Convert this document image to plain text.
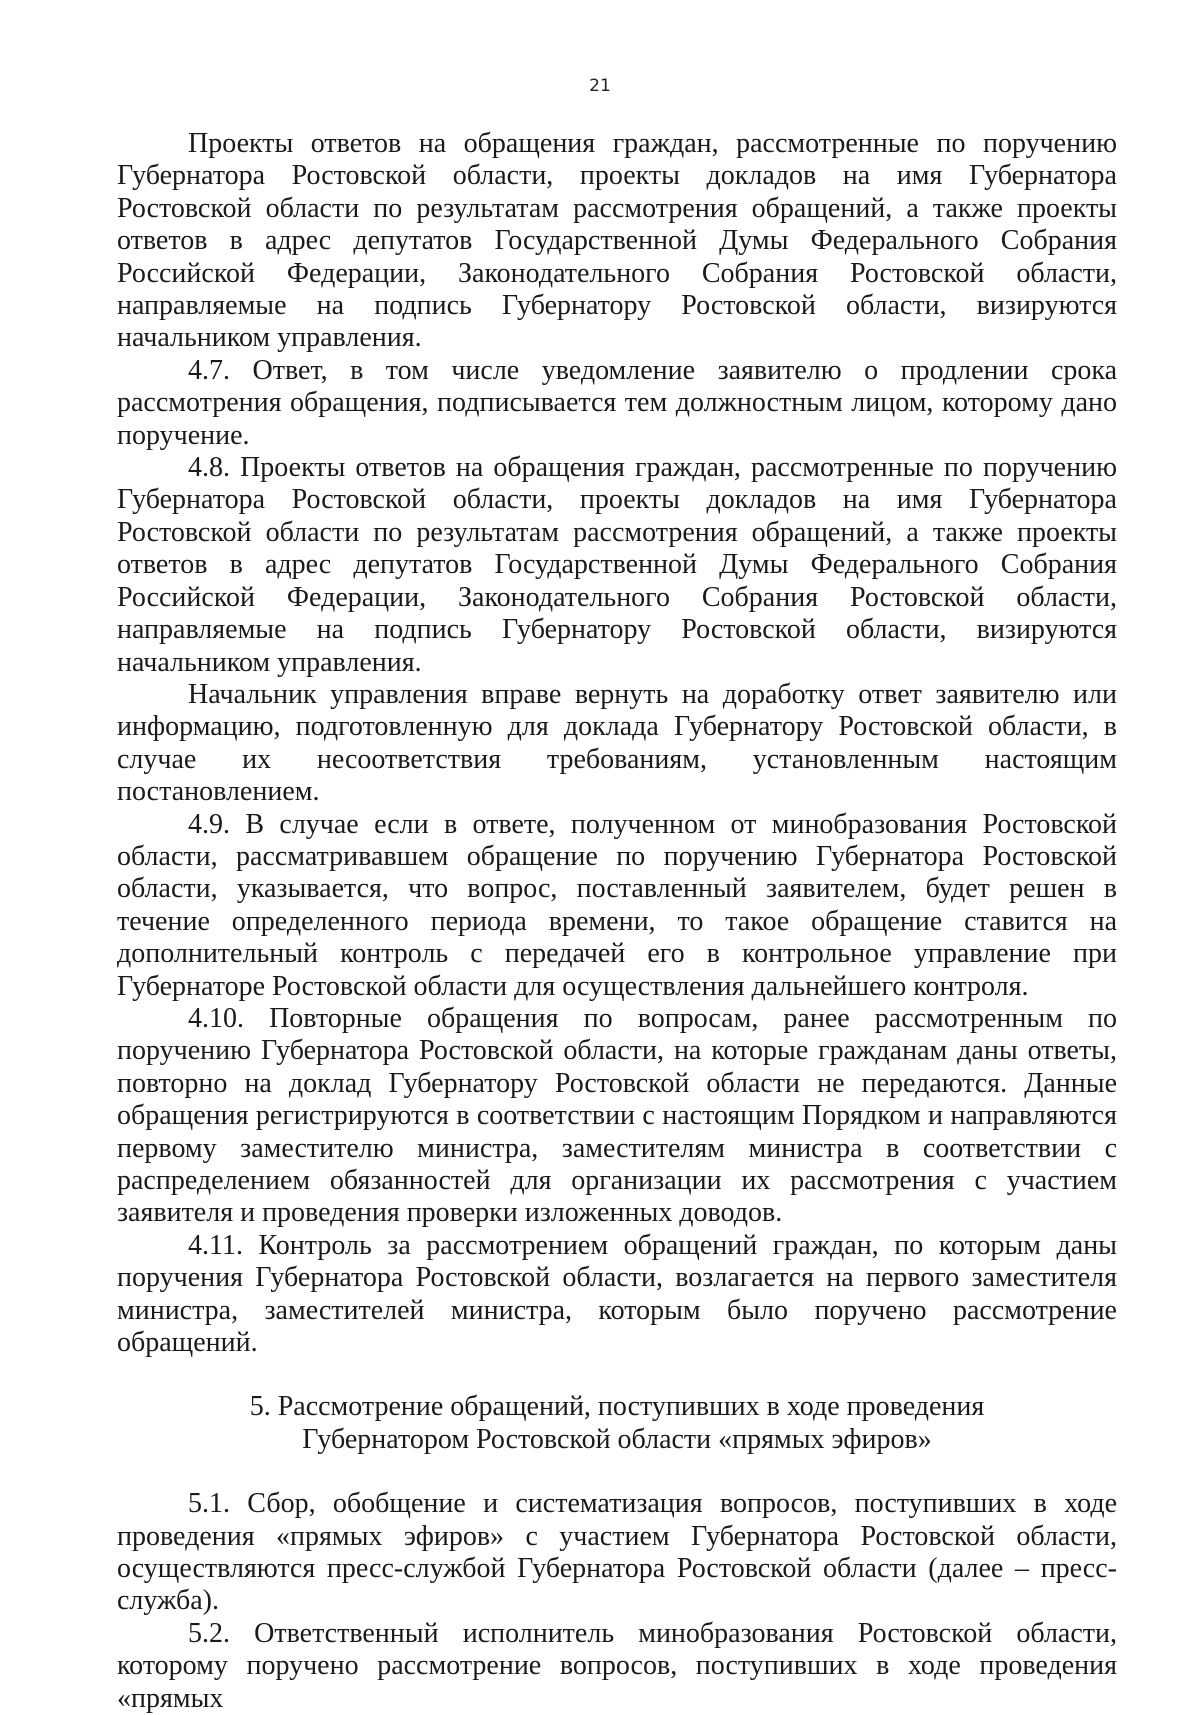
21

Проекты ответов на обращения граждан, рассмотренные по поручению Губернатора Ростовской области, проекты докладов на имя Губернатора Ростовской области по результатам рассмотрения обращений, а также проекты ответов в адрес депутатов Государственной Думы Федерального Собрания Российской Федерации, Законодательного Собрания Ростовской области, направляемые на подпись Губернатору Ростовской области, визируются начальником управления.

4.7. Ответ, в том числе уведомление заявителю о продлении срока рассмотрения обращения, подписывается тем должностным лицом, которому дано поручение.

4.8. Проекты ответов на обращения граждан, рассмотренные по поручению Губернатора Ростовской области, проекты докладов на имя Губернатора Ростовской области по результатам рассмотрения обращений, а также проекты ответов в адрес депутатов Государственной Думы Федерального Собрания Российской Федерации, Законодательного Собрания Ростовской области, направляемые на подпись Губернатору Ростовской области, визируются начальником управления.

Начальник управления вправе вернуть на доработку ответ заявителю или информацию, подготовленную для доклада Губернатору Ростовской области, в случае их несоответствия требованиям, установленным настоящим постановлением.

4.9. В случае если в ответе, полученном от минобразования Ростовской области, рассматривавшем обращение по поручению Губернатора Ростовской области, указывается, что вопрос, поставленный заявителем, будет решен в течение определенного периода времени, то такое обращение ставится на дополнительный контроль с передачей его в контрольное управление при Губернаторе Ростовской области для осуществления дальнейшего контроля.

4.10. Повторные обращения по вопросам, ранее рассмотренным по поручению Губернатора Ростовской области, на которые гражданам даны ответы, повторно на доклад Губернатору Ростовской области не передаются. Данные обращения регистрируются в соответствии с настоящим Порядком и направляются первому заместителю министра, заместителям министра в соответствии с распределением обязанностей для организации их рассмотрения с участием заявителя и проведения проверки изложенных доводов.

4.11. Контроль за рассмотрением обращений граждан, по которым даны поручения Губернатора Ростовской области, возлагается на первого заместителя министра, заместителей министра, которым было поручено рассмотрение обращений.

5. Рассмотрение обращений, поступивших в ходе проведения

Губернатором Ростовской области «прямых эфиров»

5.1. Сбор, обобщение и систематизация вопросов, поступивших в ходе проведения «прямых эфиров» с участием Губернатора Ростовской области, осуществляются пресс-службой Губернатора Ростовской области (далее – пресс-служба).

5.2. Ответственный исполнитель минобразования Ростовской области, которому поручено рассмотрение вопросов, поступивших в ходе проведения «прямых
